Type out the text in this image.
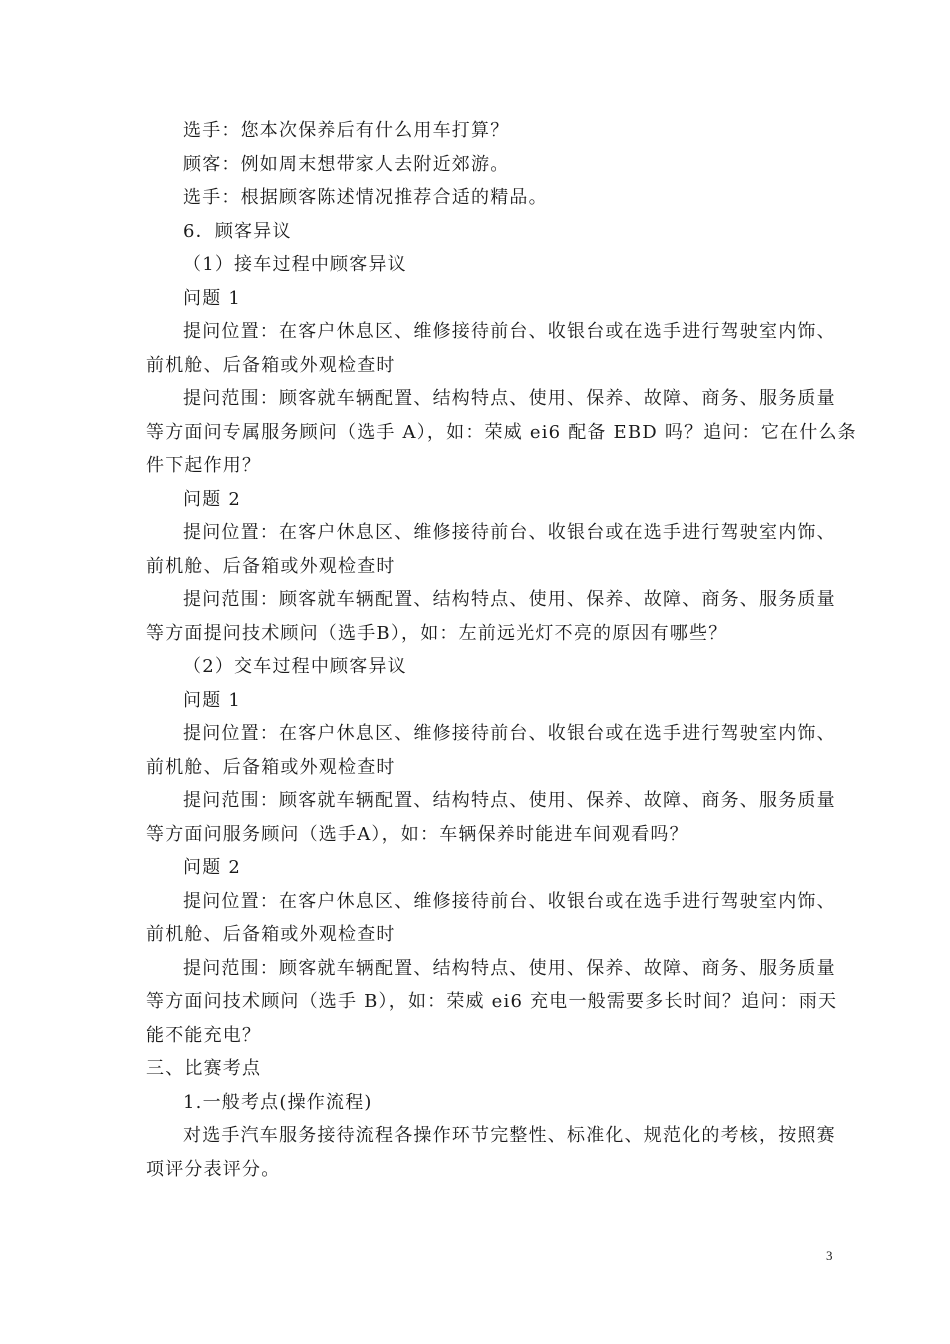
选手：您本次保养后有什么用车打算？
顾客：例如周末想带家人去附近郊游。
选手：根据顾客陈述情况推荐合适的精品。
6．顾客异议
（1）接车过程中顾客异议
问题 1
提问位置：在客户休息区、维修接待前台、收银台或在选手进行驾驶室内饰、
前机舱、后备箱或外观检查时
提问范围：顾客就车辆配置、结构特点、使用、保养、故障、商务、服务质量
等方面问专属服务顾问（选手 A），如：荣威 ei6 配备 EBD 吗？追问：它在什么条
件下起作用？
问题 2
提问位置：在客户休息区、维修接待前台、收银台或在选手进行驾驶室内饰、
前机舱、后备箱或外观检查时
提问范围：顾客就车辆配置、结构特点、使用、保养、故障、商务、服务质量
等方面提问技术顾问（选手B），如：左前远光灯不亮的原因有哪些？
（2）交车过程中顾客异议
问题 1
提问位置：在客户休息区、维修接待前台、收银台或在选手进行驾驶室内饰、
前机舱、后备箱或外观检查时
提问范围：顾客就车辆配置、结构特点、使用、保养、故障、商务、服务质量
等方面问服务顾问（选手A），如：车辆保养时能进车间观看吗？
问题 2
提问位置：在客户休息区、维修接待前台、收银台或在选手进行驾驶室内饰、
前机舱、后备箱或外观检查时
提问范围：顾客就车辆配置、结构特点、使用、保养、故障、商务、服务质量
等方面问技术顾问（选手 B），如：荣威 ei6 充电一般需要多长时间？追问：雨天
能不能充电？
三、比赛考点
1.一般考点(操作流程)
对选手汽车服务接待流程各操作环节完整性、标准化、规范化的考核，按照赛
项评分表评分。
3
